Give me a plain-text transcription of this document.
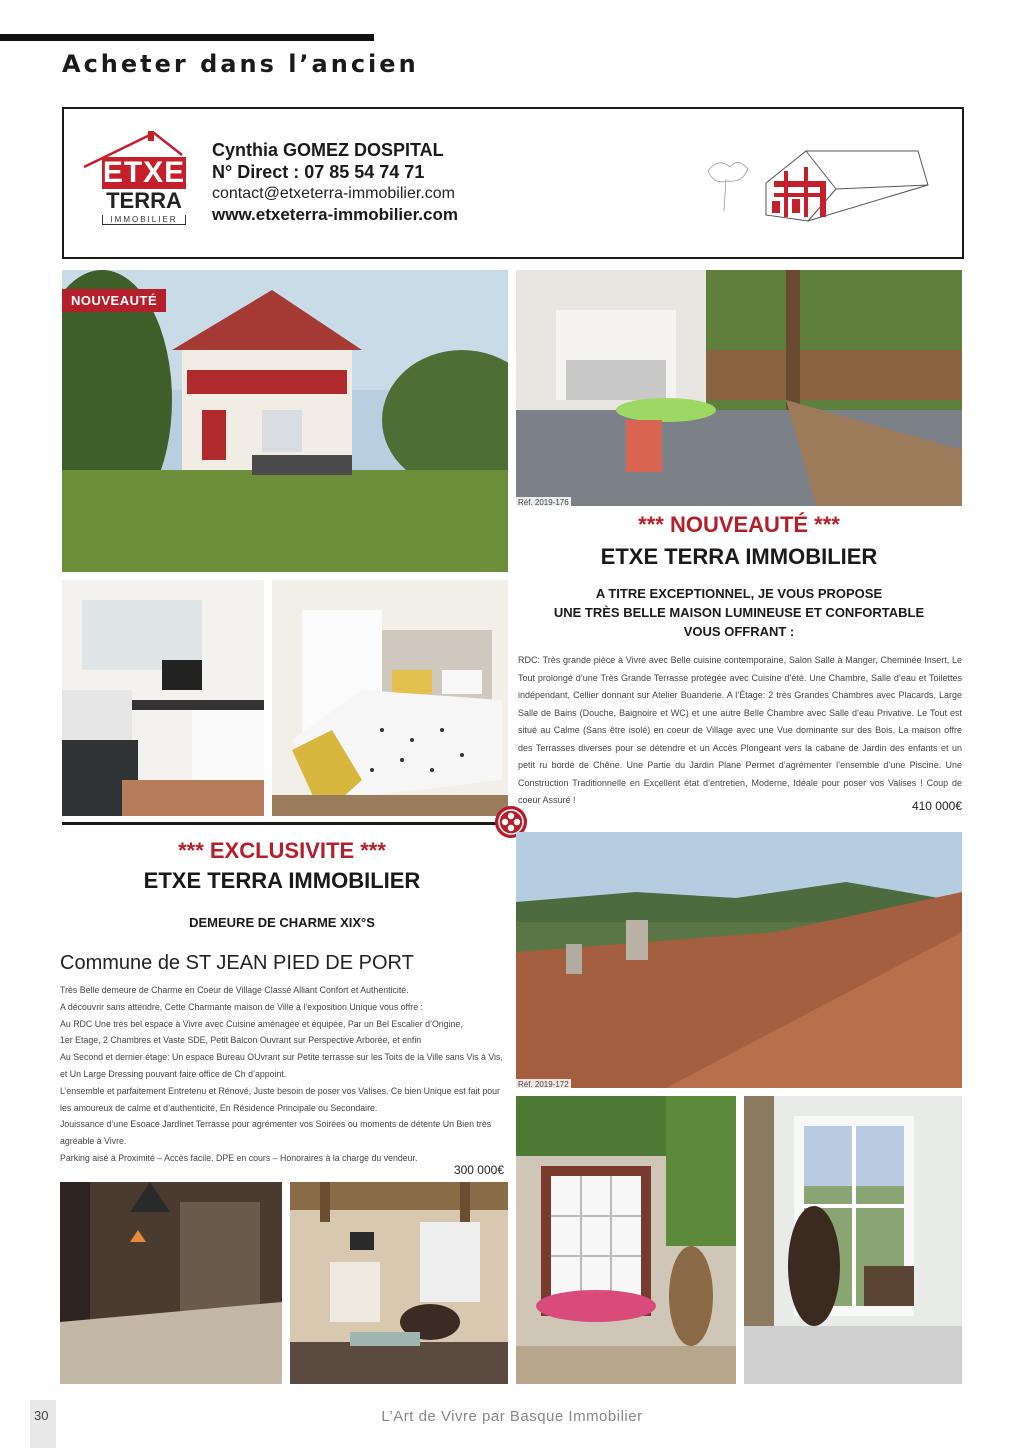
Acheter dans l’ancien
ETXE
TERRA
IMMOBILIER
Cynthia GOMEZ DOSPITAL
N° Direct : 07 85 54 74 71
contact@etxeterra-immobilier.com
www.etxeterra-immobilier.com
NOUVEAUTÉ
Réf. 2019-176
*** NOUVEAUTÉ ***
ETXE TERRA IMMOBILIER
A TITRE EXCEPTIONNEL, JE VOUS PROPOSE
UNE TRÈS BELLE MAISON LUMINEUSE ET CONFORTABLE
VOUS OFFRANT :
RDC: Très grande pièce à Vivre avec Belle cuisine contemporaine, Salon Salle à Manger, Cheminée Insert, Le Tout prolongé d’une Très Grande Terrasse protégée avec Cuisine d’été. Une Chambre, Salle d’eau et Toilettes indépendant, Cellier donnant sur Atelier Buanderie. A l’Étage: 2 très Grandes Chambres avec Placards, Large Salle de Bains (Douche, Baignoire et WC) et une autre Belle Chambre avec Salle d’eau Privative. Le Tout est situé au Calme (Sans être isolé) en coeur de Village avec une Vue dominante sur des Bois, La maison offre des Terrasses diverses pour se détendre et un Accès Plongeant vers la cabane de Jardin des enfants et un petit ru bordé de Chêne. Une Partie du Jardin Plane Permet d’agrémenter l’ensemble d’une Piscine. Une Construction Traditionnelle en Excellent état d’entretien, Moderne, Idéale pour poser vos Valises ! Coup de coeur Assuré !	410 000€
*** EXCLUSIVITE ***
ETXE TERRA IMMOBILIER
DEMEURE DE CHARME XIX°S
Commune de ST JEAN PIED DE PORT

Très Belle demeure de Charme en Coeur de Village Classé Alliant Confort et Authenticité.

A découvrir sans attendre, Cette Charmante maison de Ville à l’exposition Unique vous offre :

Au RDC Une très bel espace à Vivre avec Cuisine aménagée et équipée, Par un Bel Escalier d’Origine,

1er Etage, 2 Chambres et Vaste SDE, Petit Balcon Ouvrant sur Perspective Arborée, et enfin

Au Second et dernier étage: Un espace Bureau OUvrant sur Petite terrasse sur les Toits de la Ville sans Vis à Vis, et Un Large Dressing pouvant faire office de Ch d’appoint.

L’ensemble et parfaitement Entretenu et Rénové, Juste besoin de poser vos Valises. Ce bien Unique est fait pour les amoureux de calme et d’authenticité, En Résidence Principale ou Secondaire.

Jouissance d’une Esoace Jardinet Terrasse pour agrémenter vos Soirées ou moments de détente Un Bien très agréable à Vivre.

Parking aisé à Proximité – Accès facile. DPE en cours – Honoraires à la charge du vendeur.

300 000€
Réf. 2019-172
30	L’Art de Vivre par Basque Immobilier
